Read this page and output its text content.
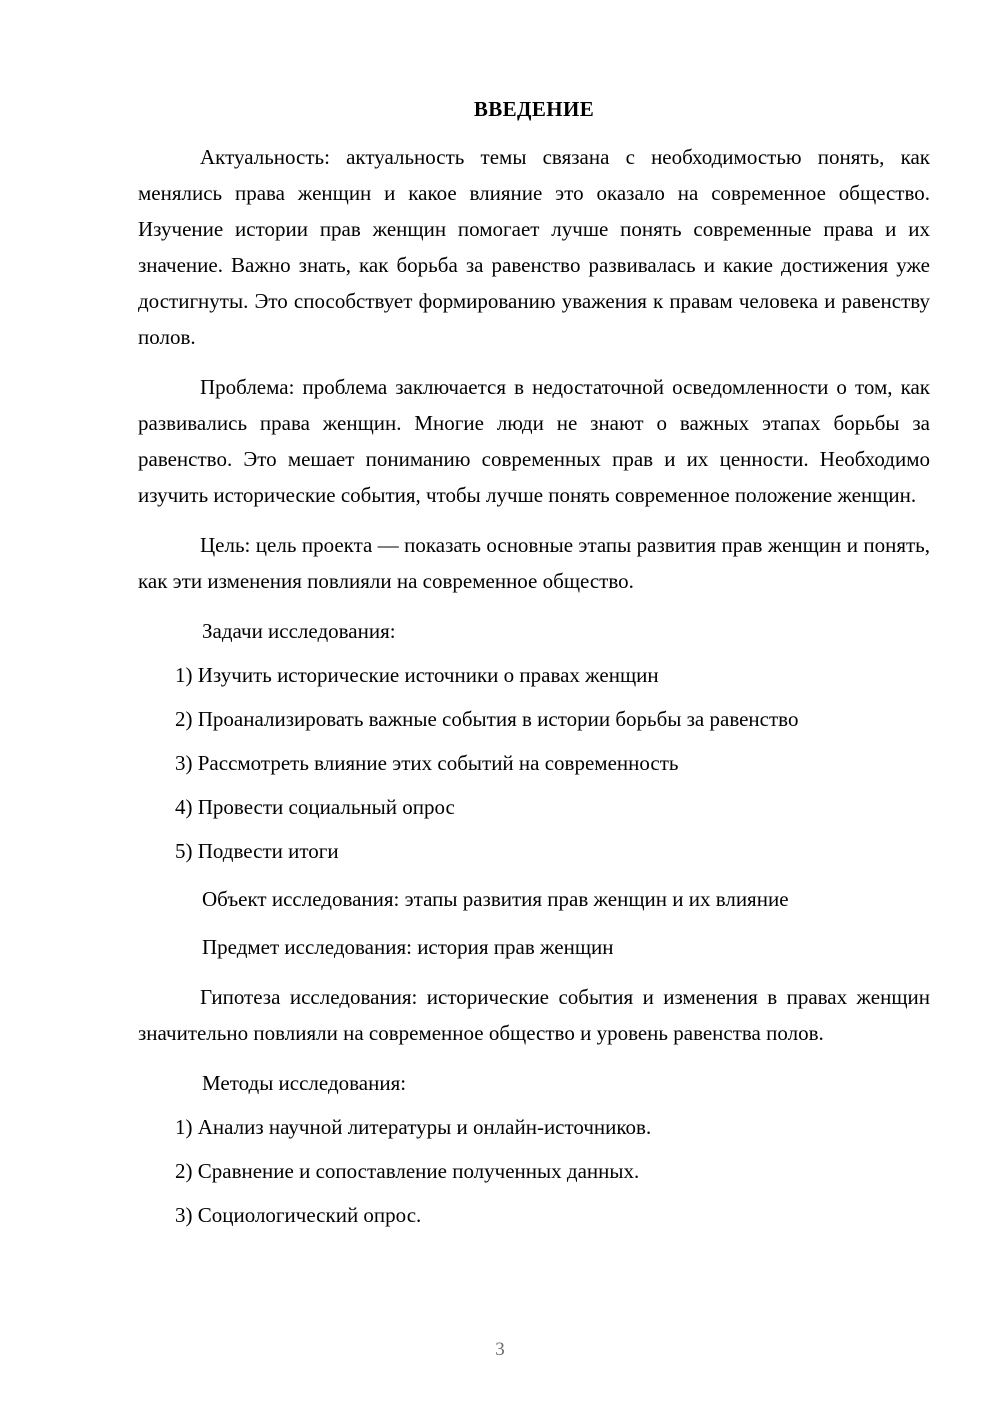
ВВЕДЕНИЕ

Актуальность: актуальность темы связана с необходимостью понять, как менялись права женщин и какое влияние это оказало на современное общество. Изучение истории прав женщин помогает лучше понять современные права и их значение. Важно знать, как борьба за равенство развивалась и какие достижения уже достигнуты. Это способствует формированию уважения к правам человека и равенству полов.

Проблема: проблема заключается в недостаточной осведомленности о том, как развивались права женщин. Многие люди не знают о важных этапах борьбы за равенство. Это мешает пониманию современных прав и их ценности. Необходимо изучить исторические события, чтобы лучше понять современное положение женщин.

Цель: цель проекта — показать основные этапы развития прав женщин и понять, как эти изменения повлияли на современное общество.

Задачи исследования:

1) Изучить исторические источники о правах женщин
2) Проанализировать важные события в истории борьбы за равенство
3) Рассмотреть влияние этих событий на современность
4) Провести социальный опрос
5) Подвести итоги

Объект исследования: этапы развития прав женщин и их влияние

Предмет исследования: история прав женщин

Гипотеза исследования: исторические события и изменения в правах женщин значительно повлияли на современное общество и уровень равенства полов.

Методы исследования:

1) Анализ научной литературы и онлайн-источников.
2) Сравнение и сопоставление полученных данных.
3) Социологический опрос.
3
